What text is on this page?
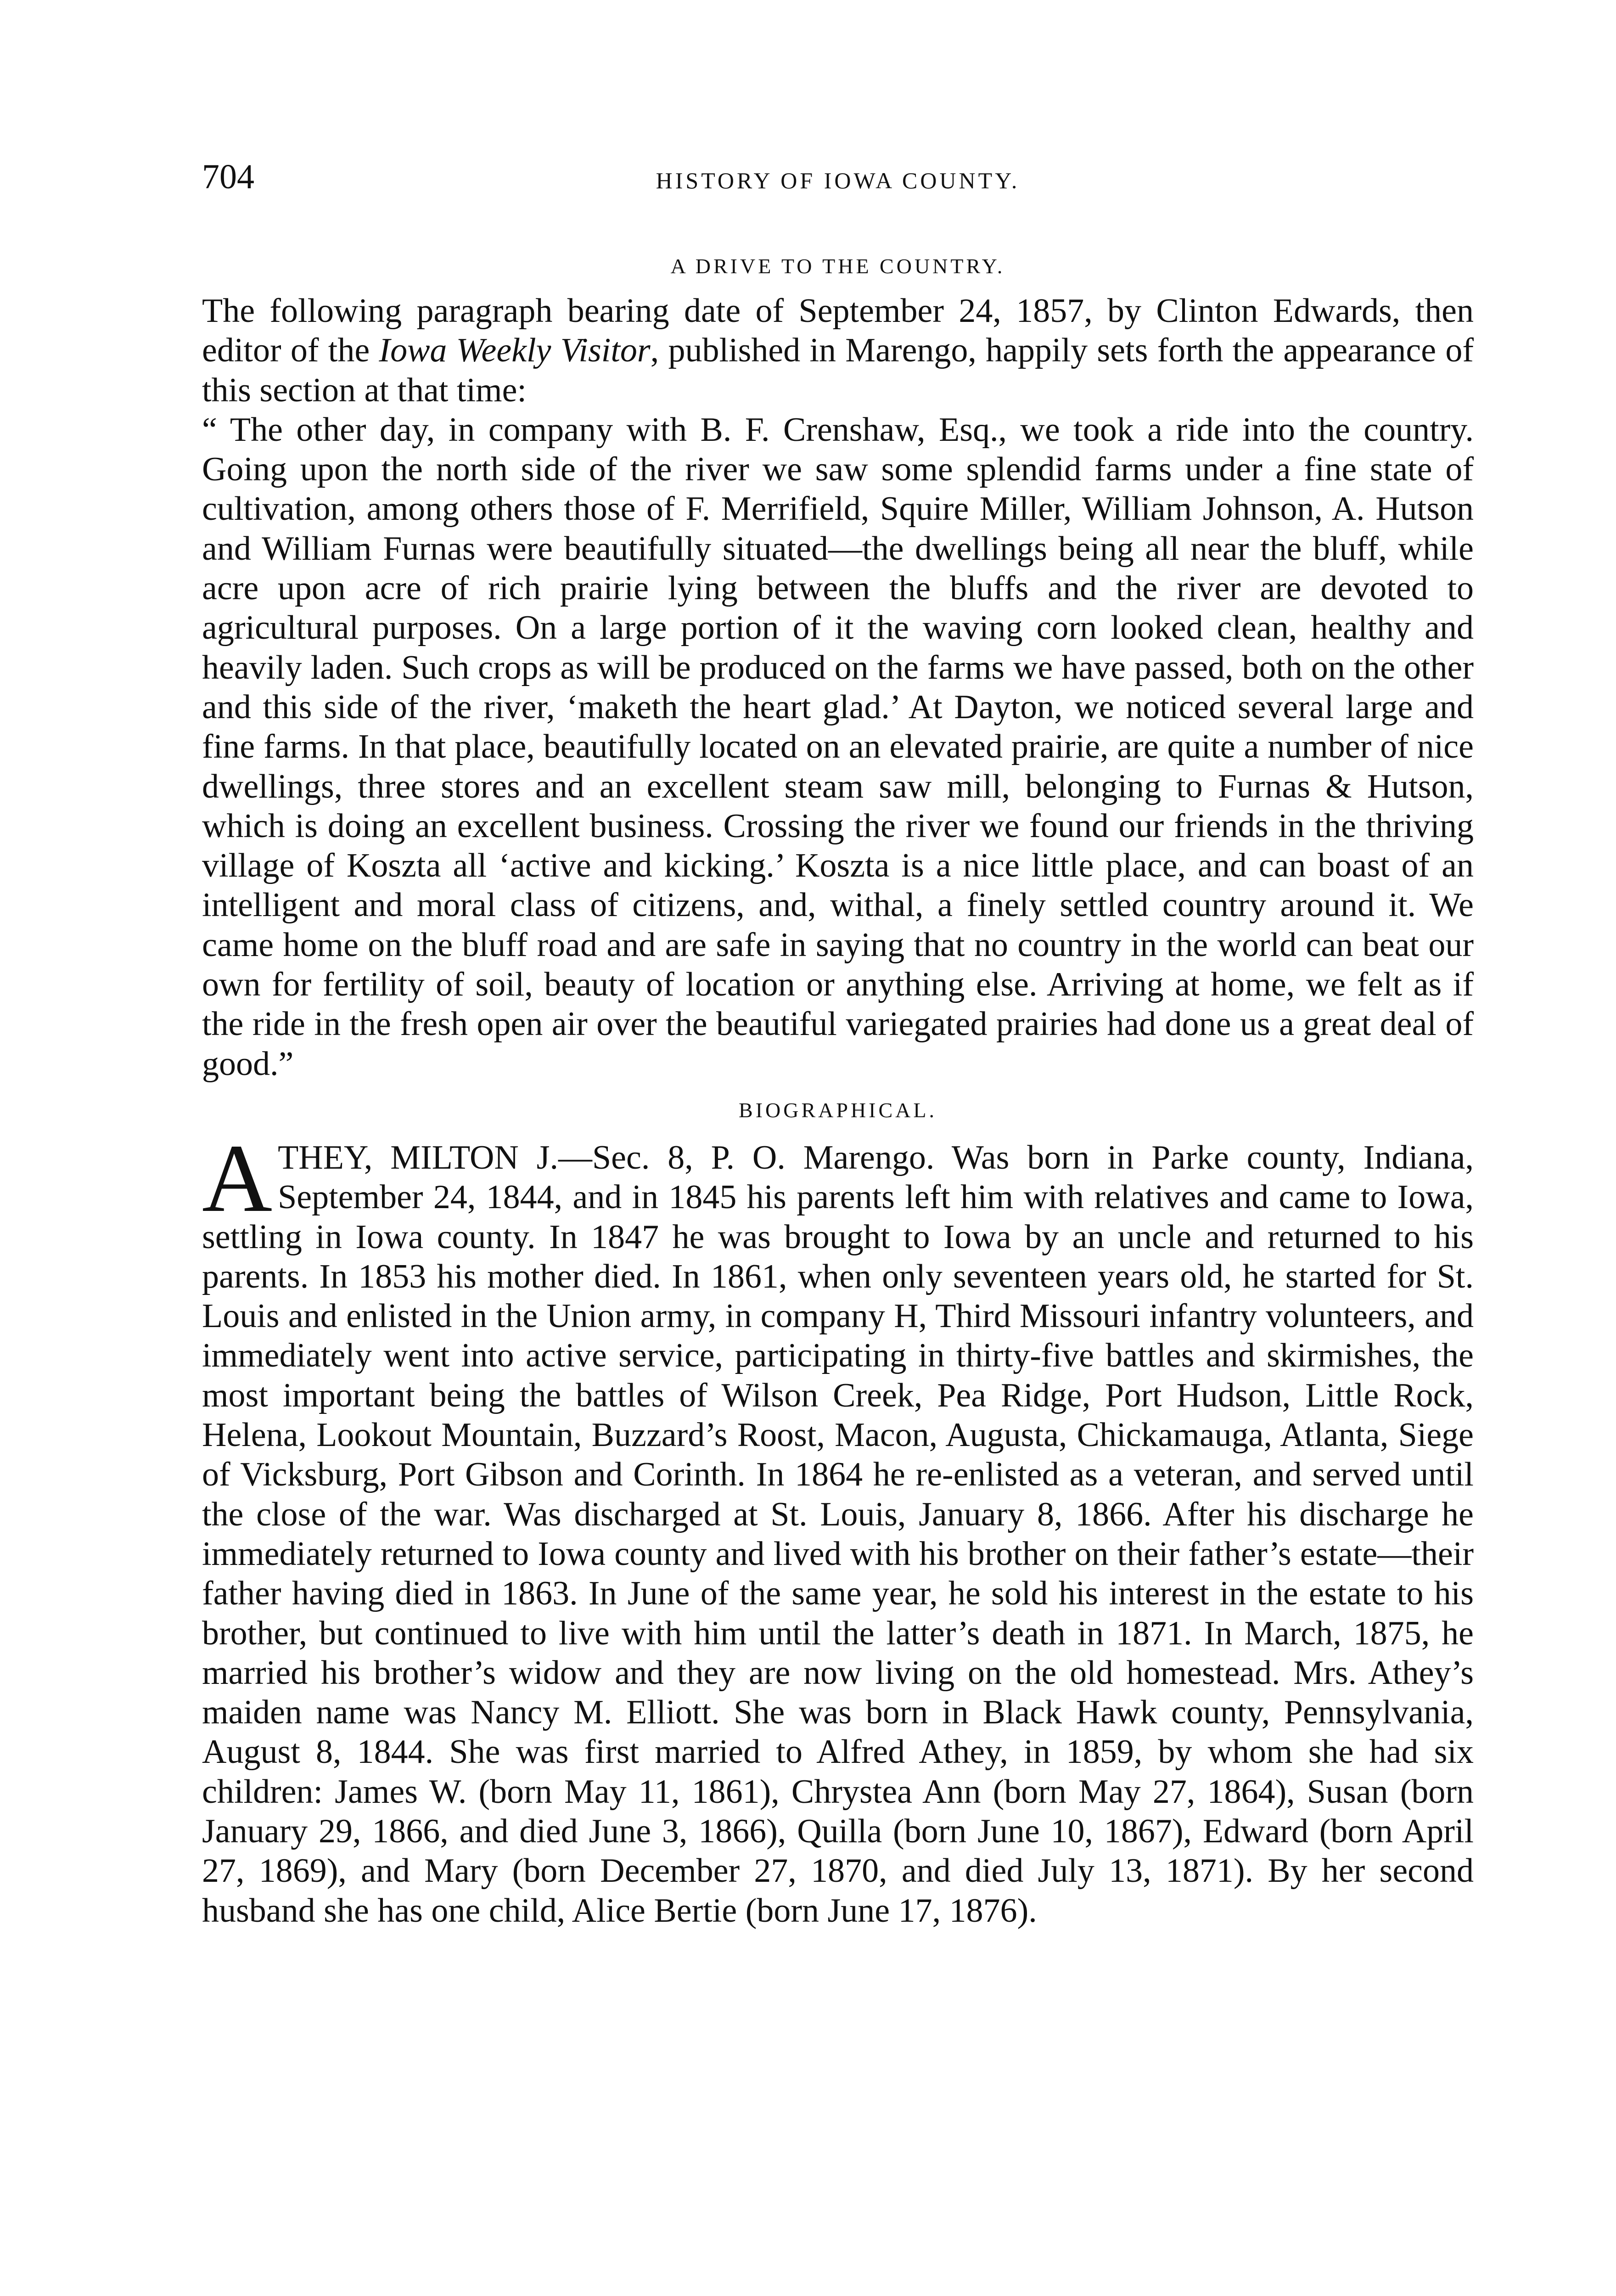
704	HISTORY OF IOWA COUNTY.
A DRIVE TO THE COUNTRY.

The following paragraph bearing date of September 24, 1857, by Clinton Edwards, then editor of the Iowa Weekly Visitor, published in Marengo, happily sets forth the appearance of this section at that time:

“ The other day, in company with B. F. Crenshaw, Esq., we took a ride into the country. Going upon the north side of the river we saw some splendid farms under a fine state of cultivation, among others those of F. Merrifield, Squire Miller, William Johnson, A. Hutson and William Furnas were beautifully situated—the dwellings being all near the bluff, while acre upon acre of rich prairie lying between the bluffs and the river are devoted to agricultural purposes. On a large portion of it the waving corn looked clean, healthy and heavily laden. Such crops as will be produced on the farms we have passed, both on the other and this side of the river, ‘maketh the heart glad.’ At Dayton, we noticed several large and fine farms. In that place, beautifully located on an elevated prairie, are quite a number of nice dwellings, three stores and an excellent steam saw mill, belonging to Furnas & Hutson, which is doing an excellent business. Crossing the river we found our friends in the thriving village of Koszta all ‘active and kicking.’ Koszta is a nice little place, and can boast of an intelligent and moral class of citizens, and, withal, a finely settled country around it. We came home on the bluff road and are safe in saying that no country in the world can beat our own for fertility of soil, beauty of location or anything else. Arriving at home, we felt as if the ride in the fresh open air over the beautiful variegated prairies had done us a great deal of good.”

BIOGRAPHICAL.

ATHEY, MILTON J.—Sec. 8, P. O. Marengo. Was born in Parke county, Indiana, September 24, 1844, and in 1845 his parents left him with relatives and came to Iowa, settling in Iowa county. In 1847 he was brought to Iowa by an uncle and returned to his parents. In 1853 his mother died. In 1861, when only seventeen years old, he started for St. Louis and enlisted in the Union army, in company H, Third Missouri infantry volunteers, and immediately went into active service, participating in thirty-five battles and skirmishes, the most important being the battles of Wilson Creek, Pea Ridge, Port Hudson, Little Rock, Helena, Lookout Mountain, Buzzard’s Roost, Macon, Augusta, Chickamauga, Atlanta, Siege of Vicksburg, Port Gibson and Corinth. In 1864 he re-enlisted as a veteran, and served until the close of the war. Was discharged at St. Louis, January 8, 1866. After his discharge he immediately returned to Iowa county and lived with his brother on their father’s estate—their father having died in 1863. In June of the same year, he sold his interest in the estate to his brother, but continued to live with him until the latter’s death in 1871. In March, 1875, he married his brother’s widow and they are now living on the old homestead. Mrs. Athey’s maiden name was Nancy M. Elliott. She was born in Black Hawk county, Pennsylvania, August 8, 1844. She was first married to Alfred Athey, in 1859, by whom she had six children: James W. (born May 11, 1861), Chrystea Ann (born May 27, 1864), Susan (born January 29, 1866, and died June 3, 1866), Quilla (born June 10, 1867), Edward (born April 27, 1869), and Mary (born December 27, 1870, and died July 13, 1871). By her second husband she has one child, Alice Bertie (born June 17, 1876).
